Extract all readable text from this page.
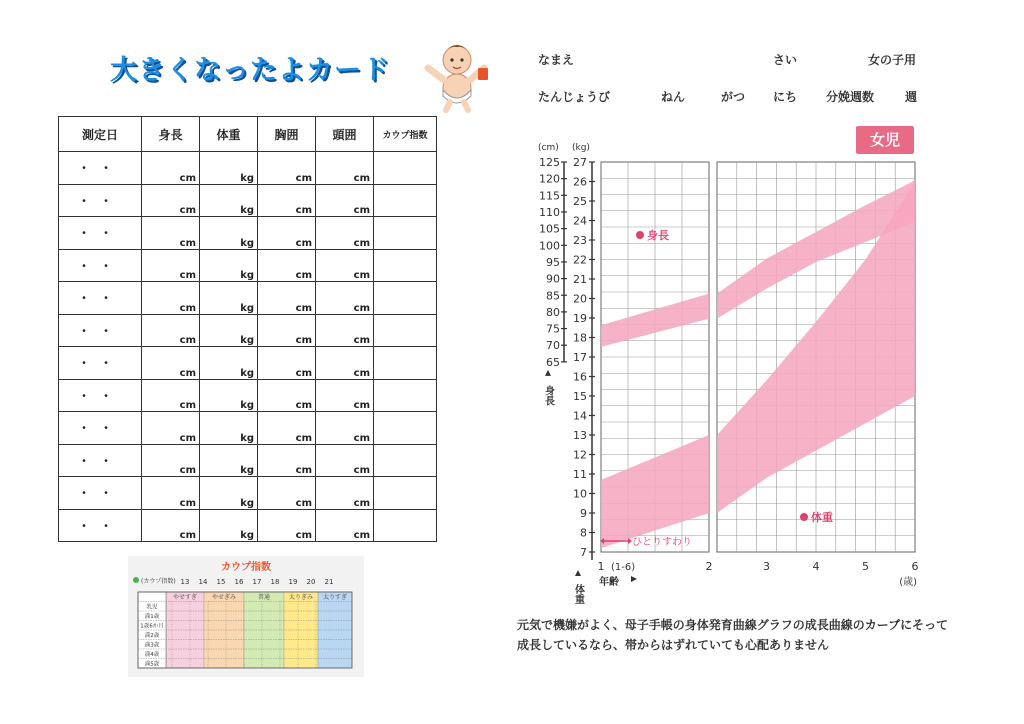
大きくなったよカード	なまえ	さい	女の子用
たんじょうび	ねん	がつ にち 分娩週数	週
測定日	身長	体重	胸囲	頭囲	カウプ指数
・・	cm	kg	cm	cm	
・・	cm	kg	cm	cm	
・・	cm	kg	cm	cm	
・・	cm	kg	cm	cm	
・・	cm	kg	cm	cm	
・・	cm	kg	cm	cm	
・・	cm	kg	cm	cm	
・・	cm	kg	cm	cm	
・・	cm	kg	cm	cm	
・・	cm	kg	cm	cm	
・・	cm	kg	cm	cm	
・・	cm	kg	cm	cm	
カウプ指数
(カウプ指数) 13 14 15 16 17 18 19 20 21
やせすぎ やせぎみ	普通	太りぎみ 太りすぎ
乳児
満1歳
1歳6か月
満2歳
満3歳
満4歳
満5歳
女児
(cm)
125
120
115
110
105
100
95
90
85
80
75
70
65
(kg)
27
26
25
24
23
22
21
20
19
18
17
16
15
14
13
12
11
10
9
8
7
身長
体重
1	2	3	4	5	6
(1-6)
年齢	(歳)
身長
体重
ひとりすわり
元気で機嫌がよく、母子手帳の身体発育曲線グラフの成長曲線のカーブにそって成長しているなら、帯からはずれていても心配ありません
